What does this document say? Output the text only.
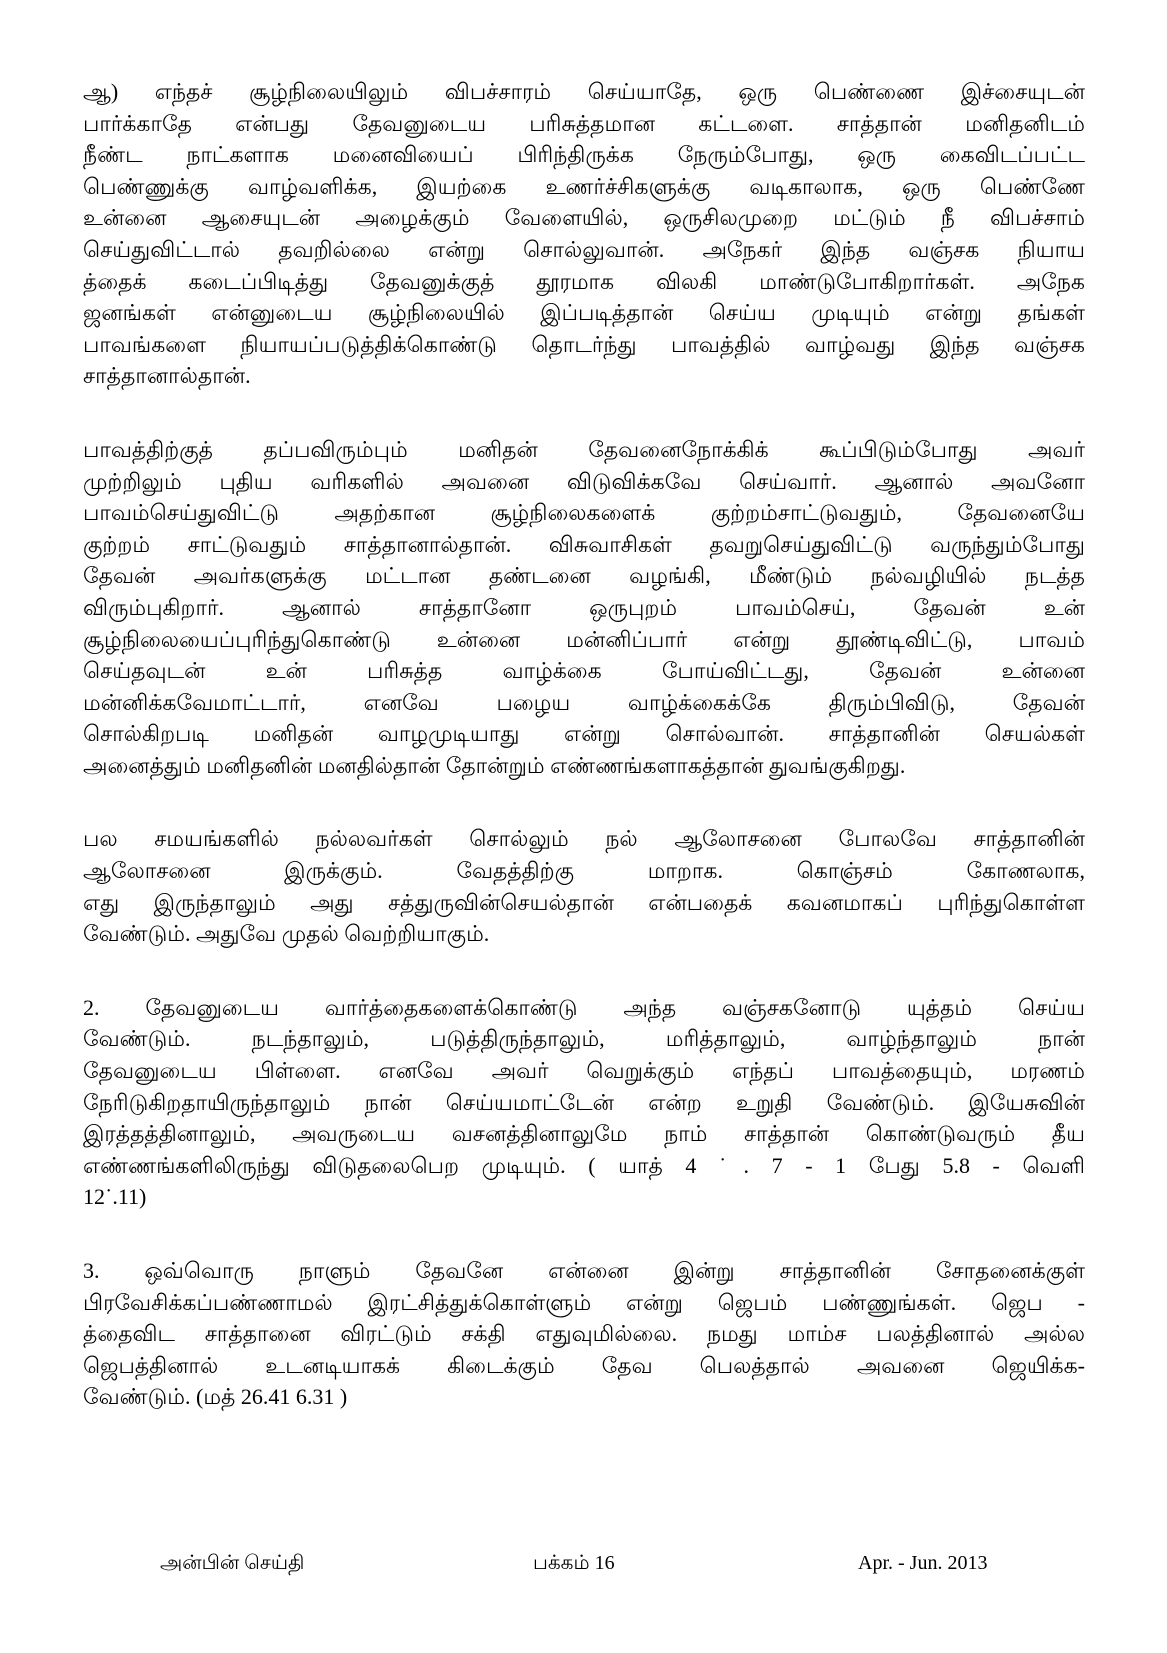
ஆ) எந்தச் சூழ்நிலையிலும் விபச்சாரம் செய்யாதே, ஒரு பெண்ணை இச்சையுடன்
பார்க்காதே என்பது தேவனுடைய பரிசுத்தமான கட்டளை. சாத்தான் மனிதனிடம்
நீண்ட நாட்களாக மனைவியைப் பிரிந்திருக்க நேரும்போது, ஒரு கைவிடப்பட்ட
பெண்ணுக்கு வாழ்வளிக்க, இயற்கை உணர்ச்சிகளுக்கு வடிகாலாக, ஒரு பெண்ணே
உன்னை ஆசையுடன் அழைக்கும் வேளையில், ஒருசிலமுறை மட்டும் நீ விபச்சாம்
செய்துவிட்டால் தவறில்லை என்று சொல்லுவான். அநேகர் இந்த வஞ்சக நியாய
த்தைக் கடைப்பிடித்து தேவனுக்குத் தூரமாக விலகி மாண்டுபோகிறார்கள். அநேக
ஜனங்கள் என்னுடைய சூழ்நிலையில் இப்படித்தான் செய்ய முடியும் என்று தங்கள்
பாவங்களை நியாயப்படுத்திக்கொண்டு தொடர்ந்து பாவத்தில் வாழ்வது இந்த வஞ்சக
சாத்தானால்தான்.
பாவத்திற்குத் தப்பவிரும்பும் மனிதன் தேவனைநோக்கிக் கூப்பிடும்போது அவர்
முற்றிலும் புதிய வரிகளில் அவனை விடுவிக்கவே செய்வார். ஆனால் அவனோ
பாவம்செய்துவிட்டு அதற்கான சூழ்நிலைகளைக் குற்றம்சாட்டுவதும், தேவனையே
குற்றம் சாட்டுவதும் சாத்தானால்தான். விசுவாசிகள் தவறுசெய்துவிட்டு வருந்தும்போது
தேவன் அவர்களுக்கு மட்டான தண்டனை வழங்கி, மீண்டும் நல்வழியில் நடத்த
விரும்புகிறார். ஆனால் சாத்தானோ ஒருபுறம் பாவம்செய், தேவன் உன்
சூழ்நிலையைப்புரிந்துகொண்டு உன்னை மன்னிப்பார் என்று தூண்டிவிட்டு, பாவம்
செய்தவுடன் உன் பரிசுத்த வாழ்க்கை போய்விட்டது, தேவன் உன்னை
மன்னிக்கவேமாட்டார், எனவே பழைய வாழ்க்கைக்கே திரும்பிவிடு, தேவன்
சொல்கிறபடி மனிதன் வாழமுடியாது என்று சொல்வான். சாத்தானின் செயல்கள்
அனைத்தும் மனிதனின் மனதில்தான் தோன்றும் எண்ணங்களாகத்தான் துவங்குகிறது.
பல சமயங்களில் நல்லவர்கள் சொல்லும் நல் ஆலோசனை போலவே சாத்தானின்
ஆலோசனை இருக்கும். வேதத்திற்கு மாறாக. கொஞ்சம் கோணலாக,
எது இருந்தாலும் அது சத்துருவின்செயல்தான் என்பதைக் கவனமாகப் புரிந்துகொள்ள
வேண்டும். அதுவே முதல் வெற்றியாகும்.
2. தேவனுடைய வார்த்தைகளைக்கொண்டு அந்த வஞ்சகனோடு யுத்தம் செய்ய
வேண்டும். நடந்தாலும், படுத்திருந்தாலும், மரித்தாலும், வாழ்ந்தாலும் நான்
தேவனுடைய பிள்ளை. எனவே அவர் வெறுக்கும் எந்தப் பாவத்தையும், மரணம்
நேரிடுகிறதாயிருந்தாலும் நான் செய்யமாட்டேன் என்ற உறுதி வேண்டும். இயேசுவின்
இரத்தத்தினாலும், அவருடைய வசனத்தினாலுமே நாம் சாத்தான் கொண்டுவரும் தீய
எண்ணங்களிலிருந்து விடுதலைபெற முடியும். ( யாத் 4 ˙. 7 - 1 பேது 5.8 - வெளி
12˙.11)
3. ஒவ்வொரு நாளும் தேவனே என்னை இன்று சாத்தானின் சோதனைக்குள்
பிரவேசிக்கப்பண்ணாமல் இரட்சித்துக்கொள்ளும் என்று ஜெபம் பண்ணுங்கள். ஜெப -
த்தைவிட சாத்தானை விரட்டும் சக்தி எதுவுமில்லை. நமது மாம்ச பலத்தினால் அல்ல
ஜெபத்தினால் உடனடியாகக் கிடைக்கும் தேவ பெலத்தால் அவனை ஜெயிக்க-
வேண்டும். (மத் 26.41 6.31 )
அன்பின் செய்தி	பக்கம் 16	Apr. - Jun. 2013
